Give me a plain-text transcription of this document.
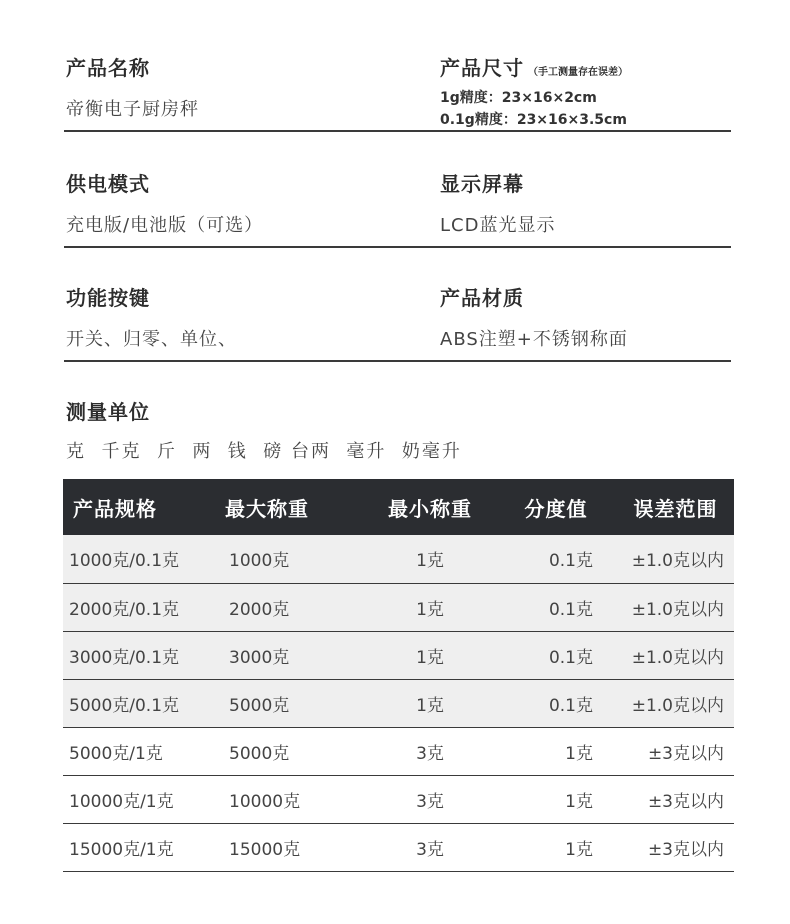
产品名称
帝衡电子厨房秤
产品尺寸 （手工测量存在误差）
1g精度：23×16×2cm
0.1g精度：23×16×3.5cm
供电模式
充电版/电池版（可选）
显示屏幕
LCD蓝光显示
功能按键
开关、归零、单位、
产品材质
ABS注塑+不锈钢称面
测量单位
克  千克  斤  两  钱  磅 台两  毫升  奶毫升
产品规格	最大称重	最小称重	分度值	误差范围
1000克/0.1克	1000克	1克	0.1克	±1.0克以内
2000克/0.1克	2000克	1克	0.1克	±1.0克以内
3000克/0.1克	3000克	1克	0.1克	±1.0克以内
5000克/0.1克	5000克	1克	0.1克	±1.0克以内
5000克/1克	5000克	3克	1克	±3克以内
10000克/1克	10000克	3克	1克	±3克以内
15000克/1克	15000克	3克	1克	±3克以内
